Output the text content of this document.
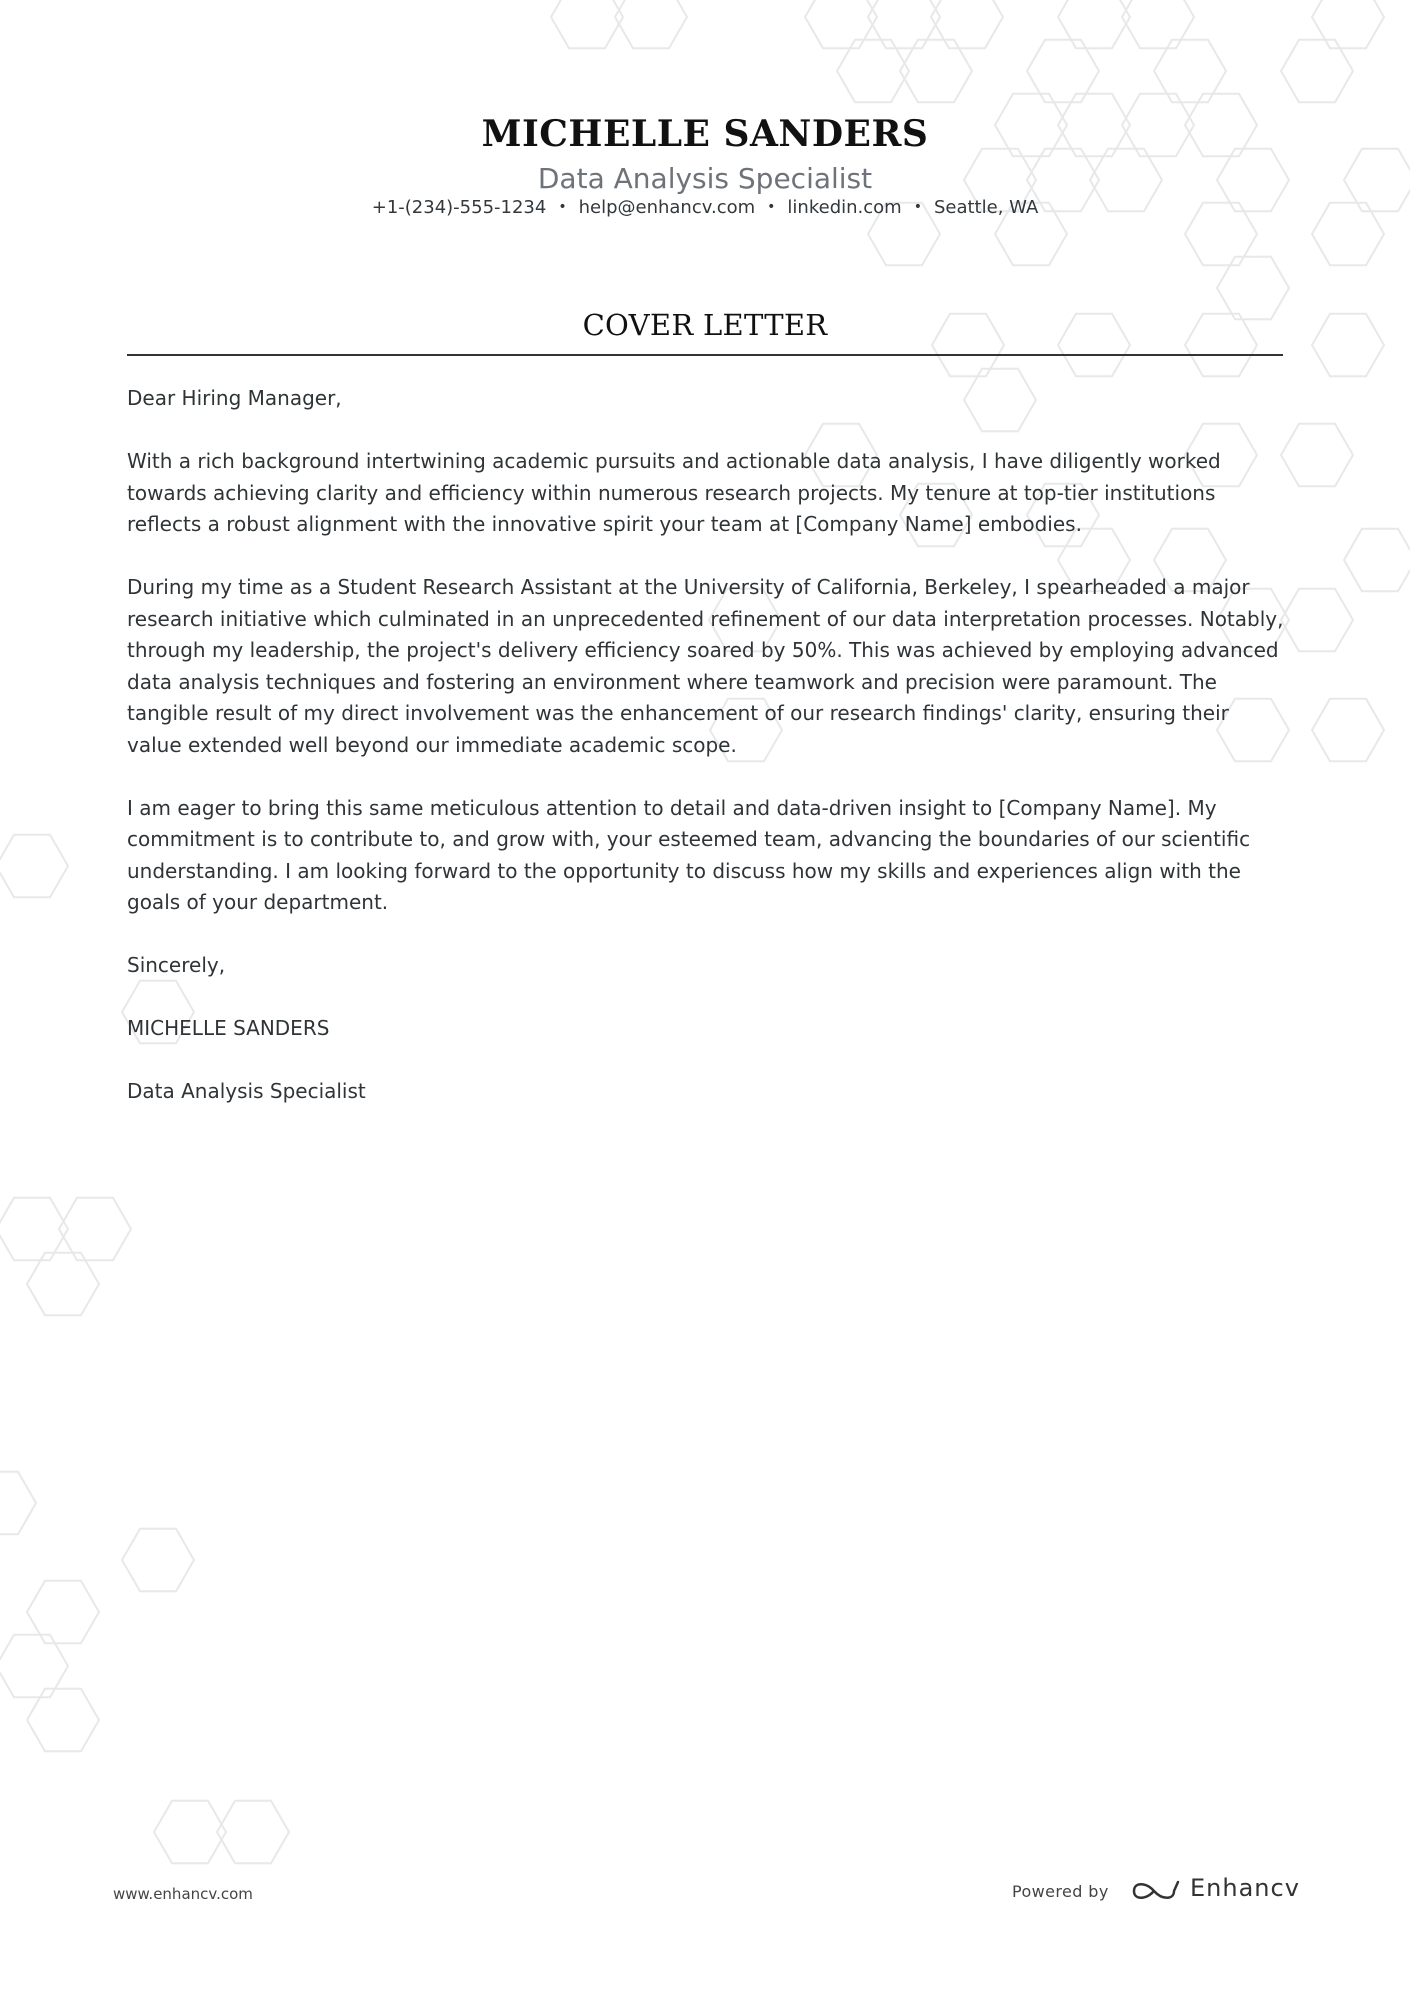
MICHELLE SANDERS
Data Analysis Specialist
+1-(234)-555-1234 • help@enhancv.com • linkedin.com • Seattle, WA
COVER LETTER

Dear Hiring Manager,

With a rich background intertwining academic pursuits and actionable data analysis, I have diligently worked towards achieving clarity and efficiency within numerous research projects. My tenure at top-tier institutions reflects a robust alignment with the innovative spirit your team at [Company Name] embodies.

During my time as a Student Research Assistant at the University of California, Berkeley, I spearheaded a major research initiative which culminated in an unprecedented refinement of our data interpretation processes. Notably, through my leadership, the project's delivery efficiency soared by 50%. This was achieved by employing advanced data analysis techniques and fostering an environment where teamwork and precision were paramount. The tangible result of my direct involvement was the enhancement of our research findings' clarity, ensuring their value extended well beyond our immediate academic scope.

I am eager to bring this same meticulous attention to detail and data-driven insight to [Company Name]. My commitment is to contribute to, and grow with, your esteemed team, advancing the boundaries of our scientific understanding. I am looking forward to the opportunity to discuss how my skills and experiences align with the goals of your department.

Sincerely,

MICHELLE SANDERS

Data Analysis Specialist

www.enhancv.com	Powered by	Enhancv
